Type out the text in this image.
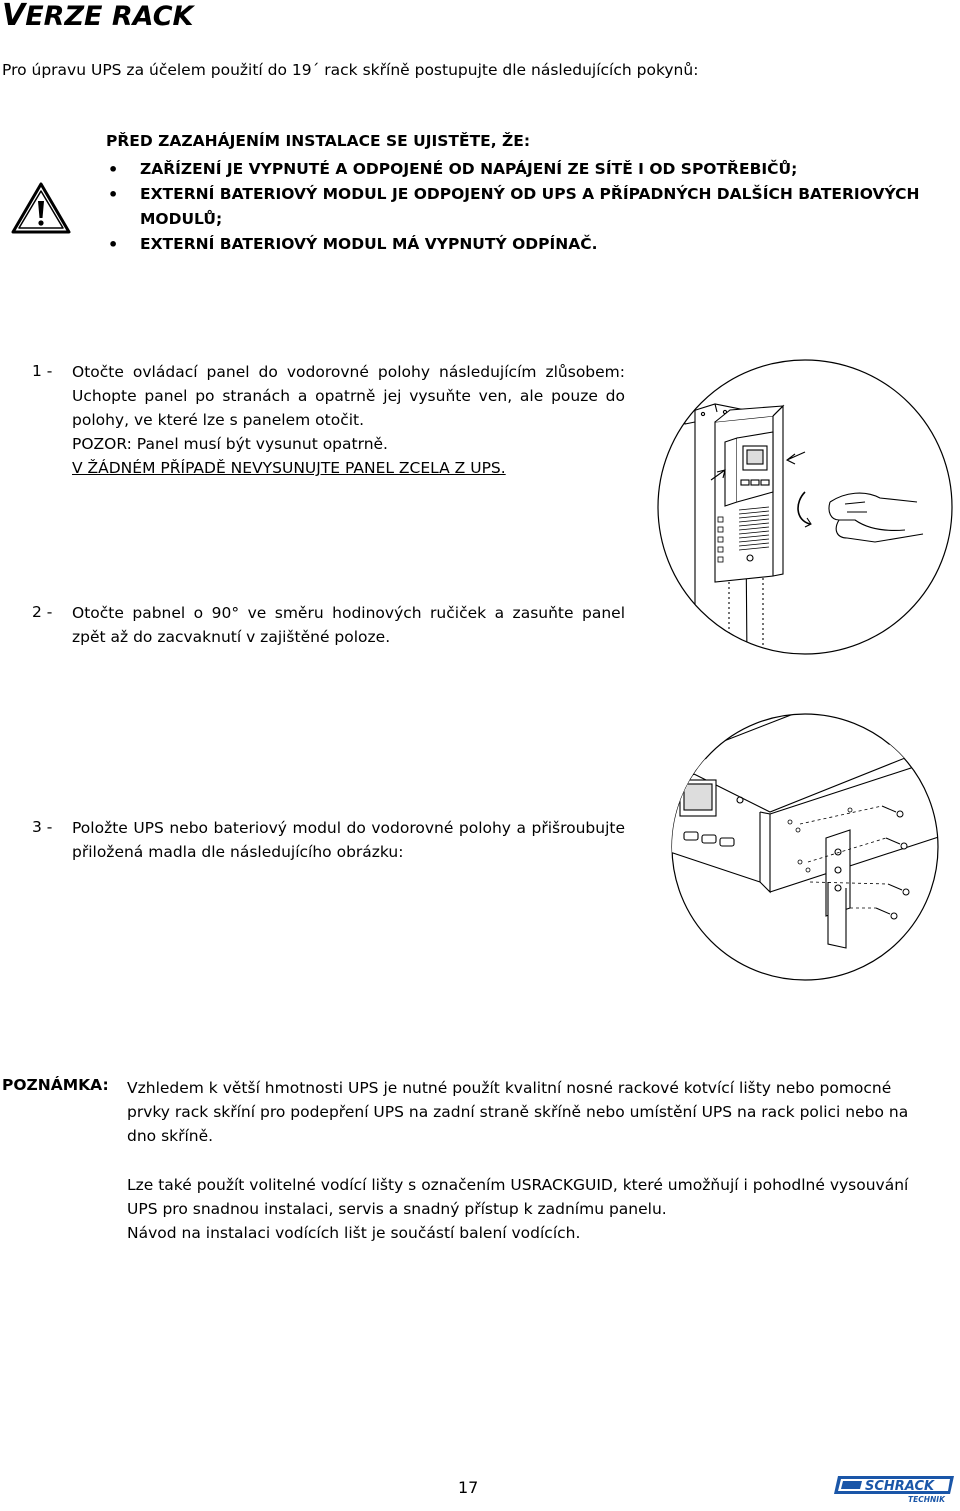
VERZE RACK
Pro úpravu UPS za účelem použití do 19´ rack skříně postupujte dle následujících pokynů:
PŘED ZAZAHÁJENÍM INSTALACE SE UJISTĚTE, ŽE:
• ZAŘÍZENÍ JE VYPNUTÉ A ODPOJENÉ OD NAPÁJENÍ ZE SÍTĚ I OD SPOTŘEBIČŮ;
• EXTERNÍ BATERIOVÝ MODUL JE ODPOJENÝ OD UPS A PŘÍPADNÝCH DALŠÍCH BATERIOVÝCH MODULŮ;
• EXTERNÍ BATERIOVÝ MODUL MÁ VYPNUTÝ ODPÍNAČ.
1 - Otočte ovládací panel do vodorovné polohy následujícím zlůsobem: Uchopte panel po stranách a opatrně jej vysuňte ven, ale pouze do polohy, ve které lze s panelem otočit.
POZOR: Panel musí být vysunut opatrně.
V ŽÁDNÉM PŘÍPADĚ NEVYSUNUJTE PANEL ZCELA Z UPS.
2 - Otočte pabnel o 90° ve směru hodinových ručiček a zasuňte panel zpět až do zacvaknutí v zajištěné poloze.
3 - Položte UPS nebo bateriový modul do vodorovné polohy a přišroubujte přiložená madla dle následujícího obrázku:
POZNÁMKA: Vzhledem k větší hmotnosti UPS je nutné použít kvalitní nosné rackové kotvící lišty nebo pomocné prvky rack skříní pro podepření UPS na zadní straně skříně nebo umístění UPS na rack polici nebo na dno skříně.
Lze také použít volitelné vodící lišty s označením USRACKGUID, které umožňují i pohodlné vysouvání UPS pro snadnou instalaci, servis a snadný přístup k zadnímu panelu.
Návod na instalaci vodících lišt je součástí balení vodících.
17	SCHRACK
TECHNIK
